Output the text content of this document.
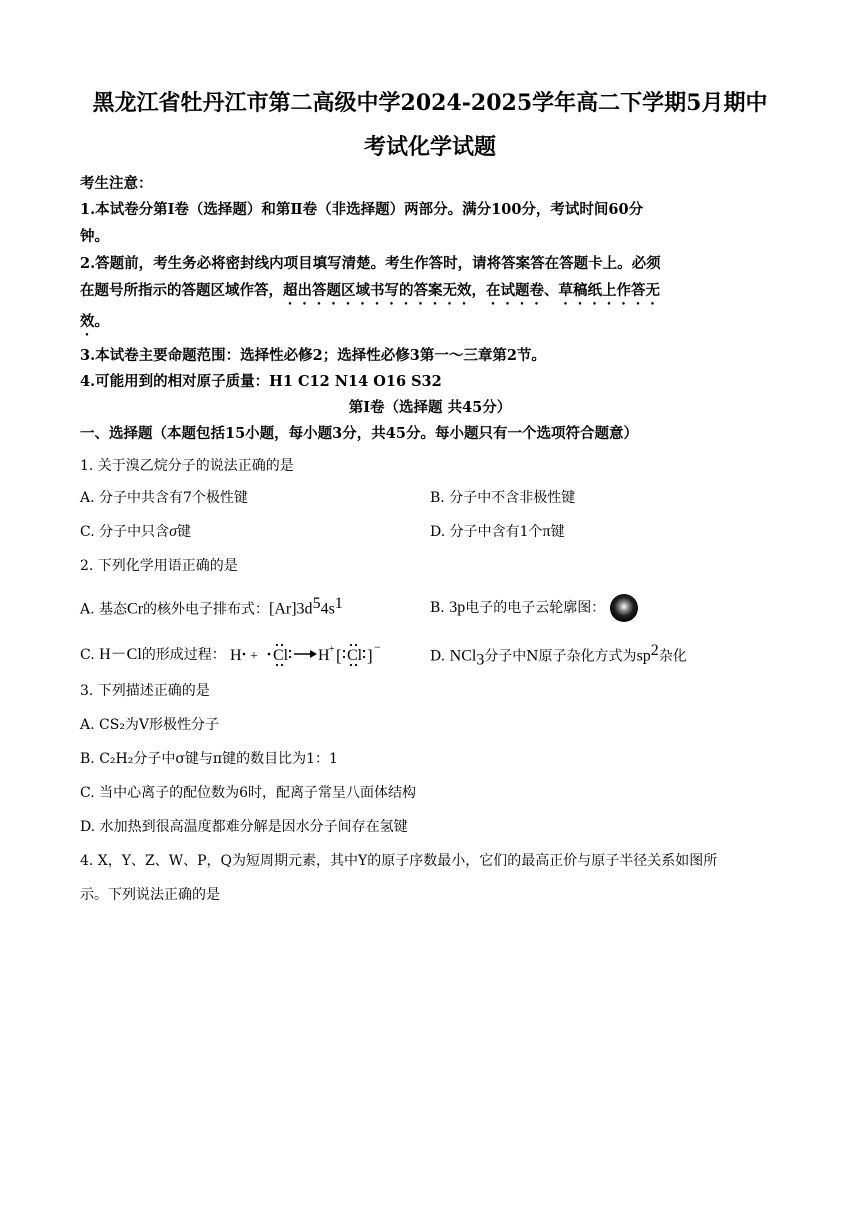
黑龙江省牡丹江市第二高级中学2024-2025学年高二下学期5月期中
考试化学试题
考生注意：
1.本试卷分第Ⅰ卷（选择题）和第Ⅱ卷（非选择题）两部分。满分100分，考试时间60分
钟。
2.答题前，考生务必将密封线内项目填写清楚。考生作答时，请将答案答在答题卡上。必须
在题号所指示的答题区域作答，超出答题区域书写的答案无效，在试题卷、草稿纸上作答无
效。
3.本试卷主要命题范围：选择性必修2；选择性必修3第一～三章第2节。
4.可能用到的相对原子质量：H1 C12 N14 O16 S32
第Ⅰ卷（选择题 共45分）
一、选择题（本题包括15小题，每小题3分，共45分。每小题只有一个选项符合题意）
1. 关于溴乙烷分子的说法正确的是
A. 分子中共含有7个极性键	B. 分子中不含非极性键
C. 分子中只含σ键	D. 分子中含有1个π键
2. 下列化学用语正确的是
A. 基态Cr的核外电子排布式：$[Ar]3d^54s^1$	B. 3p电子的电子云轮廓图：
C. H－Cl的形成过程： H + Cl H + [ Cl ] −
D. NCl$_3$分子中N原子杂化方式为$sp^2$杂化
3. 下列描述正确的是
A. CS₂为V形极性分子
B. C₂H₂分子中σ键与π键的数目比为1：1
C. 当中心离子的配位数为6时，配离子常呈八面体结构
D. 水加热到很高温度都难分解是因水分子间存在氢键
4. X，Y、Z、W、P，Q为短周期元素，其中Y的原子序数最小，它们的最高正价与原子半径关系如图所
示。下列说法正确的是
